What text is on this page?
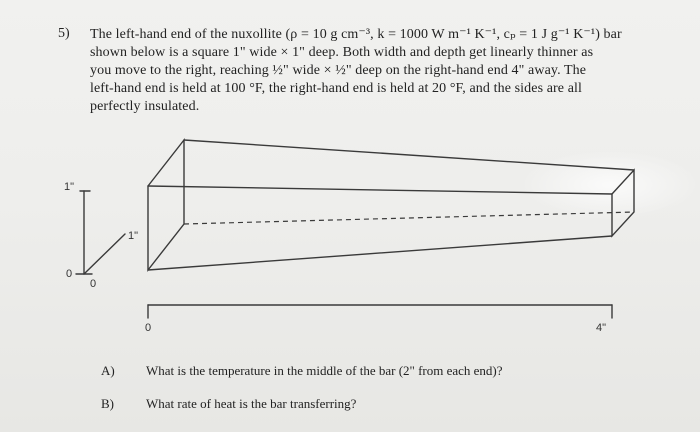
5) The left-hand end of the nuxollite (ρ = 10 g cm⁻³, k = 1000 W m⁻¹ K⁻¹, cₚ = 1 J g⁻¹ K⁻¹) bar
shown below is a square 1" wide × 1" deep. Both width and depth get linearly thinner as
you move to the right, reaching ½" wide × ½" deep on the right-hand end 4" away. The
left-hand end is held at 100 °F, the right-hand end is held at 20 °F, and the sides are all
perfectly insulated.
1"
1"
0
0
0	4"
A) What is the temperature in the middle of the bar (2" from each end)?
B) What rate of heat is the bar transferring?
